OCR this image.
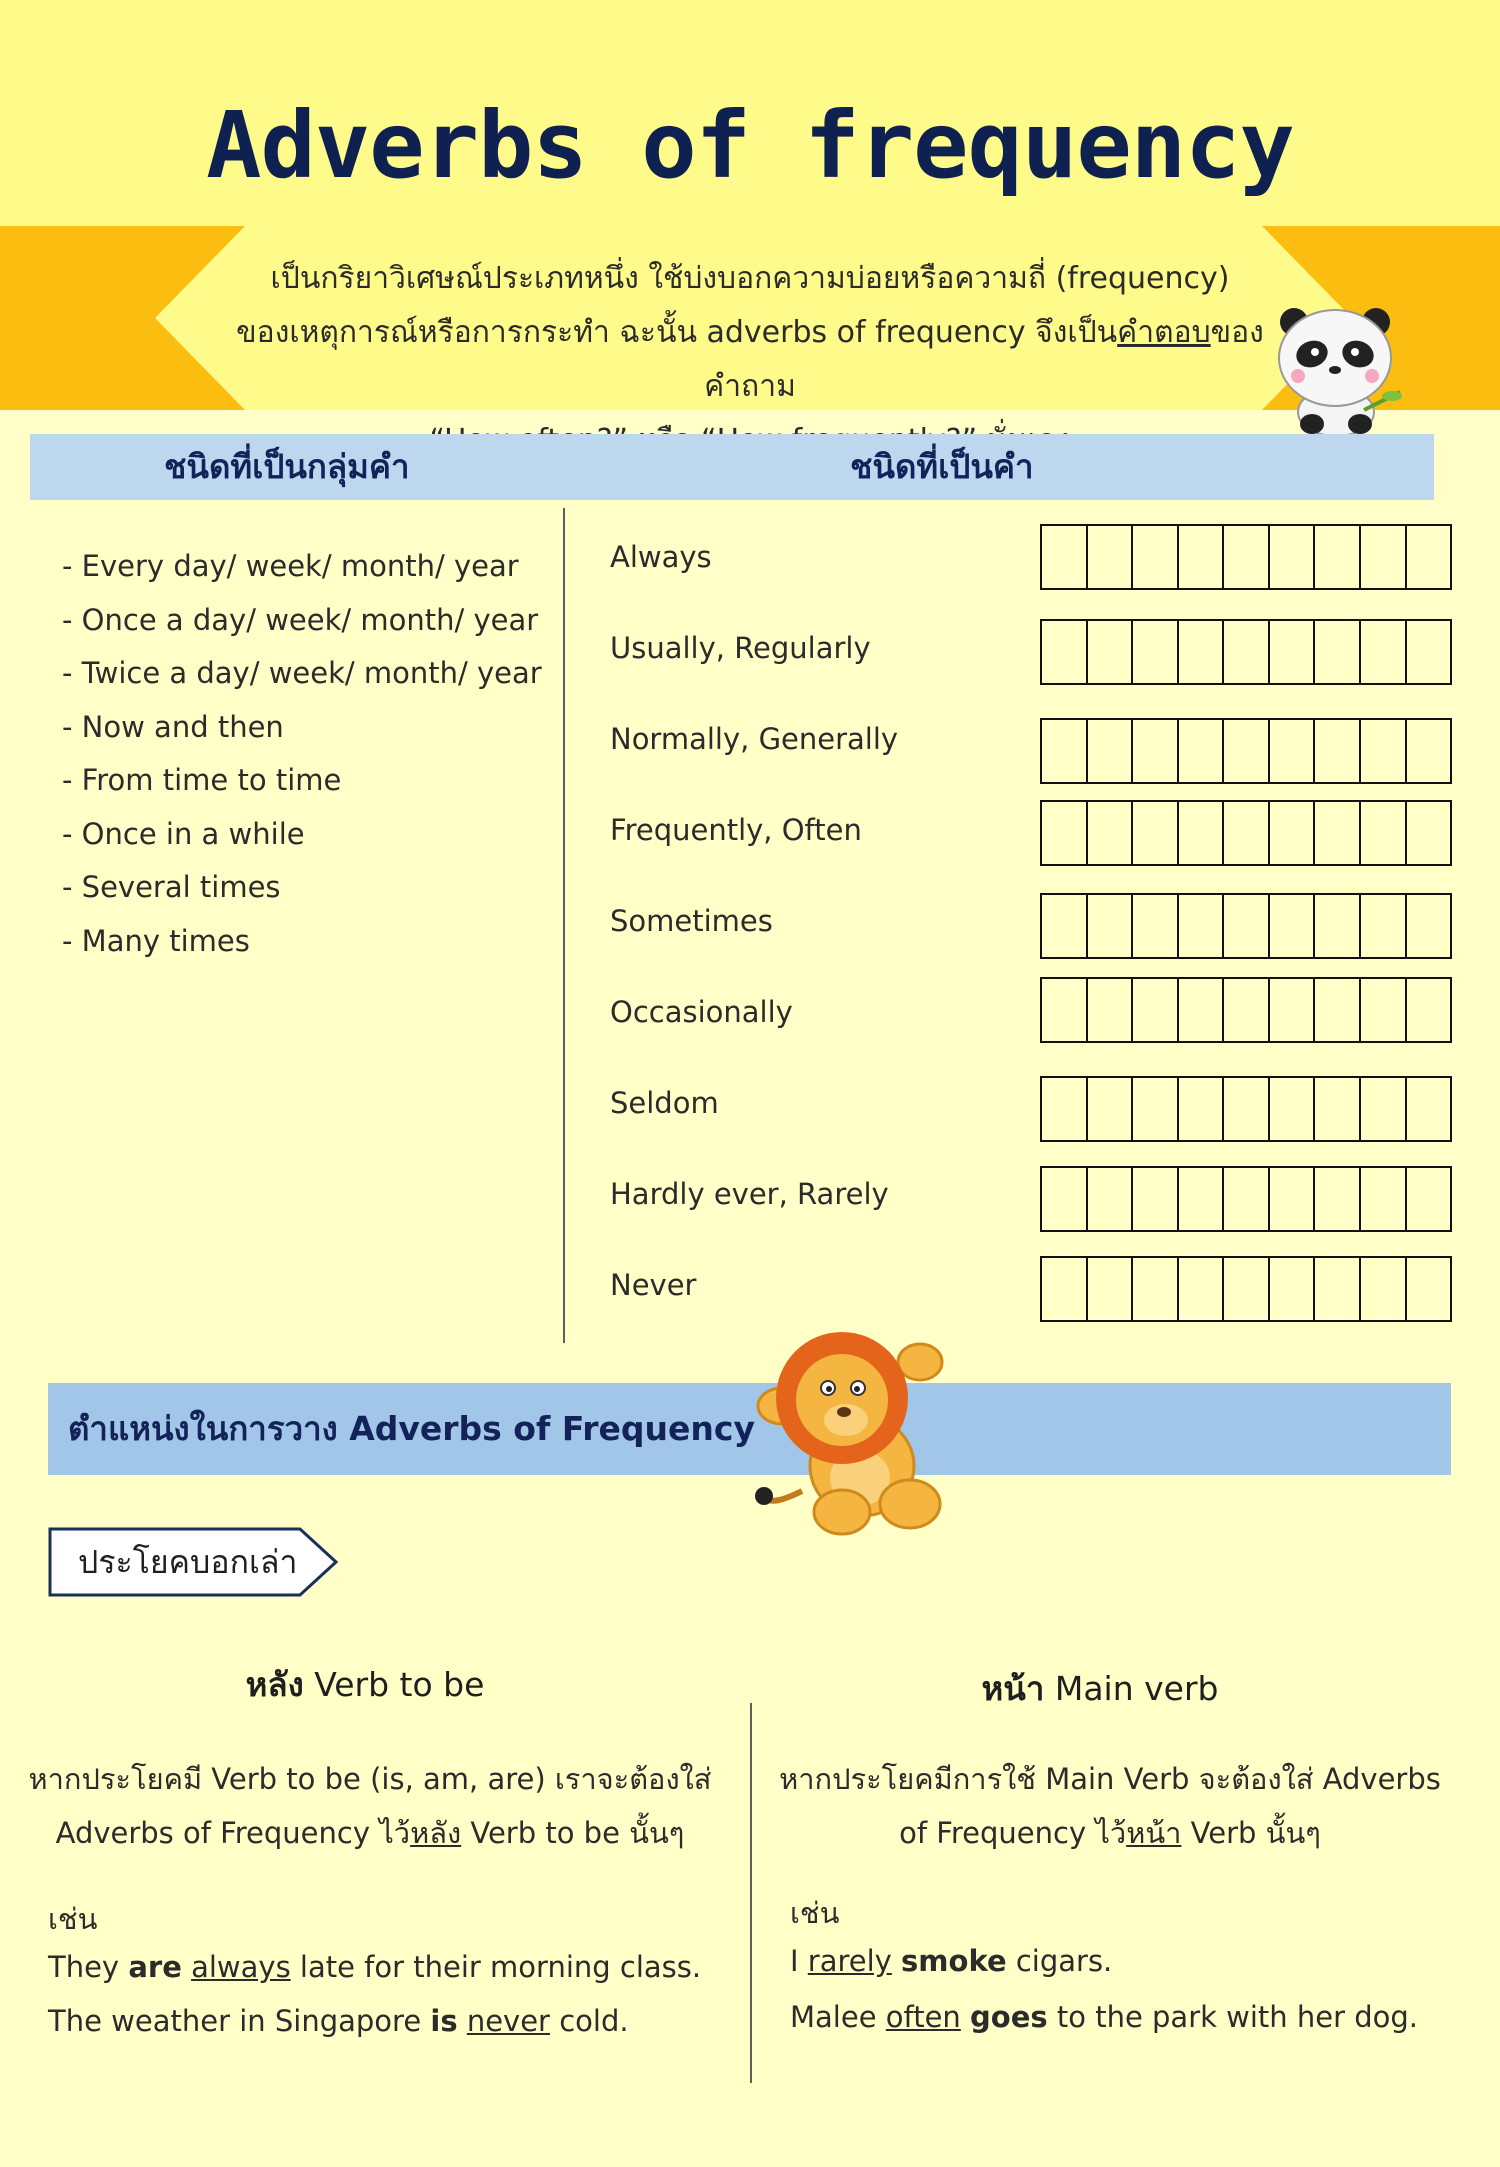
Adverbs of frequency
เป็นกริยาวิเศษณ์ประเภทหนึ่ง ใช้บ่งบอกความบ่อยหรือความถี่ (frequency)
ของเหตุการณ์หรือการกระทำ ฉะนั้น adverbs of frequency จึงเป็นคำตอบของคำถาม
ชนิดที่เป็นกลุ่มคำ	ชนิดที่เป็นคำ
- Every day/ week/ month/ year
- Once a day/ week/ month/ year
- Twice a day/ week/ month/ year
- Now and then
- From time to time
- Once in a while
- Several times
- Many times
Always
Usually, Regularly
Normally, Generally
Frequently, Often
Sometimes
Occasionally
Seldom
Hardly ever, Rarely
Never
ตำแหน่งในการวาง Adverbs of Frequency
ประโยคบอกเล่า
หลัง Verb to be
หากประโยคมี Verb to be (is, am, are) เราจะต้องใส่
Adverbs of Frequency ไว้หลัง Verb to be นั้นๆ
เช่น
They are always late for their morning class.
The weather in Singapore is never cold.
หน้า Main verb
หากประโยคมีการใช้ Main Verb จะต้องใส่ Adverbs
of Frequency ไว้หน้า Verb นั้นๆ
เช่น
I rarely smoke cigars.
Malee often goes to the park with her dog.
